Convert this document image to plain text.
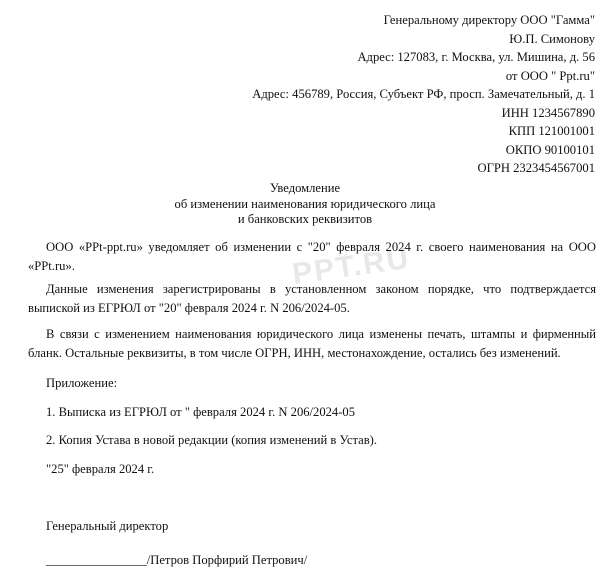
Генеральному директору ООО "Гамма"
Ю.П. Симонову
Адрес: 127083, г. Москва, ул. Мишина, д. 56
от ООО " Ppt.ru"
Адрес: 456789, Россия, Субъект РФ, просп. Замечательный, д. 1
ИНН 1234567890
КПП 121001001
ОКПО 90100101
ОГРН 2323454567001
Уведомление
об изменении наименования юридического лица
и банковских реквизитов
PPT.RU
ООО «PPt-ppt.ru» уведомляет об изменении с "20" февраля 2024 г. своего наименования на ООО «PPt.ru».
Данные изменения зарегистрированы в установленном законом порядке, что подтверждается выпиской из ЕГРЮЛ от "20" февраля 2024 г. N 206/2024-05.
В связи с изменением наименования юридического лица изменены печать, штампы и фирменный бланк. Остальные реквизиты, в том числе ОГРН, ИНН, местонахождение, остались без изменений.
Приложение:
1. Выписка из ЕГРЮЛ от " февраля 2024 г. N 206/2024-05
2. Копия Устава в новой редакции (копия изменений в Устав).
"25" февраля 2024 г.
Генеральный директор
________________/Петров Порфирий Петрович/
